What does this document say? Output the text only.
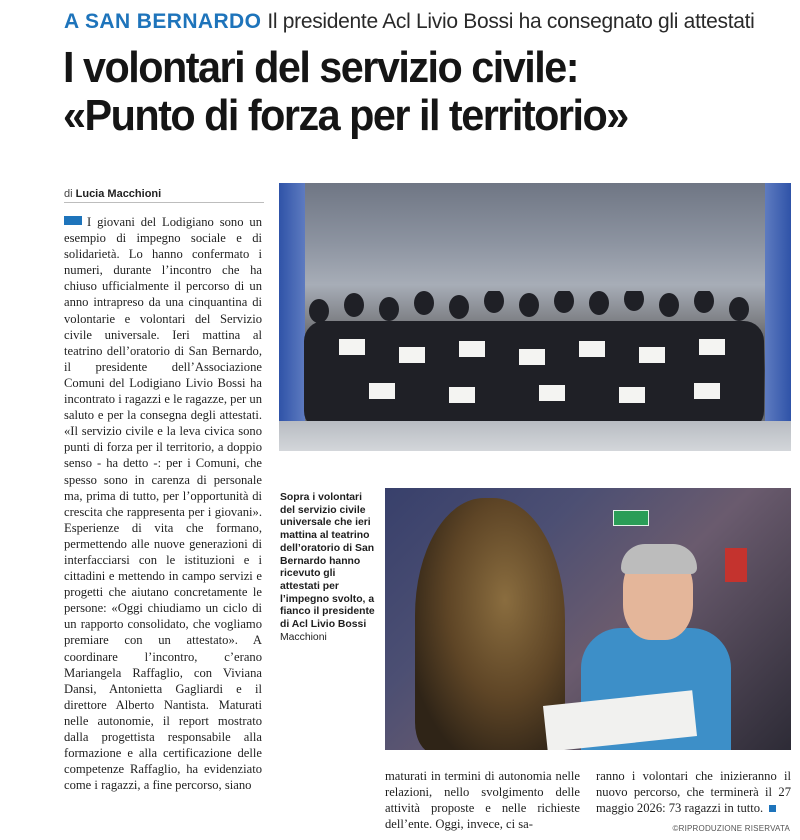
A SAN BERNARDO Il presidente Acl Livio Bossi ha consegnato gli attestati
I volontari del servizio civile:
«Punto di forza per il territorio»
di Lucia Macchioni

I giovani del Lodigiano sono un esempio di impegno sociale e di solidarietà. Lo hanno confermato i numeri, durante l’incontro che ha chiuso ufficialmente il percorso di un anno intrapreso da una cinquantina di volontarie e volontari del Servizio civile universale. Ieri mattina al teatrino dell’oratorio di San Bernardo, il presidente dell’Associazione Comuni del Lodigiano Livio Bossi ha incontrato i ragazzi e le ragazze, per un saluto e per la consegna degli attestati. «Il servizio civile e la leva civica sono punti di forza per il territorio, a doppio senso - ha detto -: per i Comuni, che spesso sono in carenza di personale ma, prima di tutto, per l’opportunità di crescita che rappresenta per i giovani». Esperienze di vita che formano, permettendo alle nuove generazioni di interfacciarsi con le istituzioni e i cittadini e mettendo in campo servizi e progetti che aiutano concretamente le persone: «Oggi chiudiamo un ciclo di un rapporto consolidato, che vogliamo premiare con un attestato». A coordinare l’incontro, c’erano Mariangela Raffaglio, con Viviana Dansi, Antonietta Gagliardi e il direttore Alberto Nantista. Maturati nelle autonomie, il report mostrato dalla progettista responsabile alla formazione e alla certificazione delle competenze Raffaglio, ha evidenziato come i ragazzi, a fine percorso, siano

Sopra i volontari del servizio civile universale che ieri mattina al teatrino dell’oratorio di San Bernardo hanno ricevuto gli attestati per l’impegno svolto, a fianco il presidente di Acl Livio Bossi
Macchioni
maturati in termini di autonomia nelle relazioni, nello svolgimento delle attività proposte e nelle richieste dell’ente. Oggi, invece, ci sa-
ranno i volontari che inizieranno il nuovo percorso, che terminerà il 27 maggio 2026: 73 ragazzi in tutto.
©RIPRODUZIONE RISERVATA
